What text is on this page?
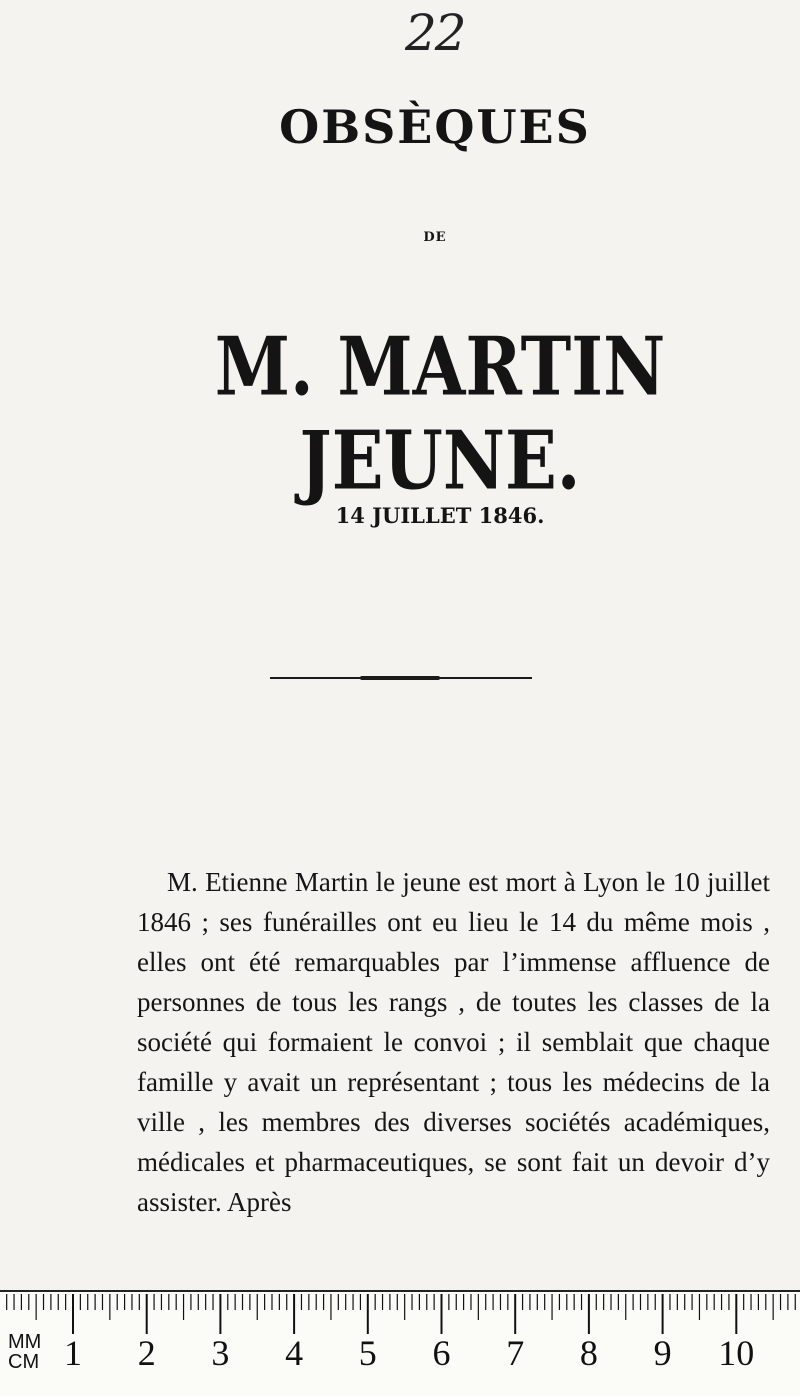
22
OBSÈQUES
DE
M. MARTIN JEUNE.
14 JUILLET 1846.
M. Etienne Martin le jeune est mort à Lyon le 10 juillet 1846 ; ses funérailles ont eu lieu le 14 du même mois , elles ont été remarquables par l’immense affluence de personnes de tous les rangs , de toutes les classes de la société qui formaient le convoi ; il semblait que chaque famille y avait un représentant ; tous les médecins de la ville , les membres des diverses sociétés académiques, médicales et pharmaceutiques, se sont fait un devoir d’y assister. Après
MM
CM 1 2 3 4 5 6 7 8 9 10
